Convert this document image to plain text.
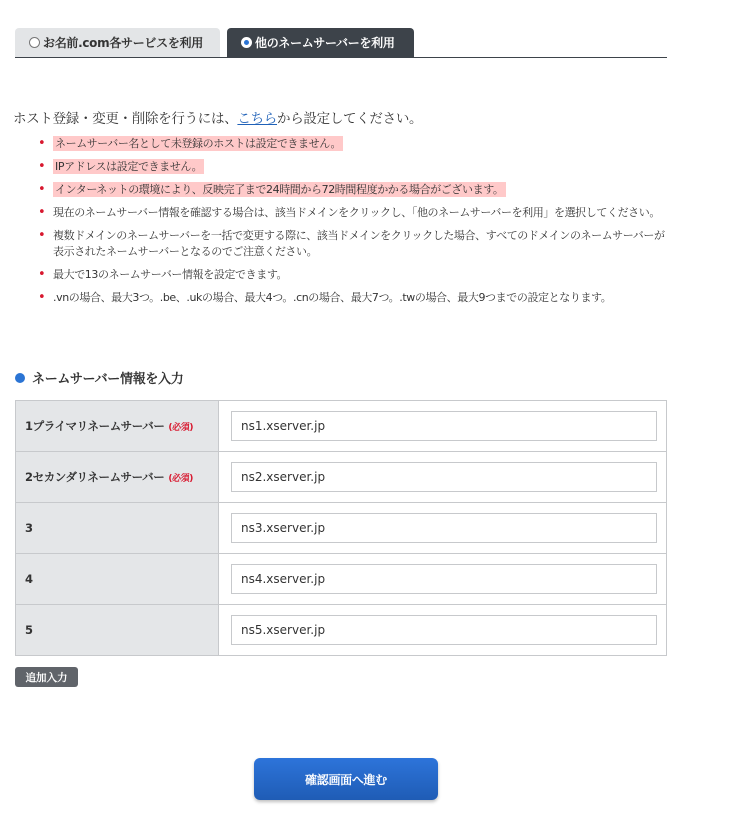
お名前.com各サービスを利用	他のネームサーバーを利用

ホスト登録・変更・削除を行うには、こちらから設定してください。

• ネームサーバー名として未登録のホストは設定できません。
• IPアドレスは設定できません。
• インターネットの環境により、反映完了まで24時間から72時間程度かかる場合がございます。
• 現在のネームサーバー情報を確認する場合は、該当ドメインをクリックし、「他のネームサーバーを利用」を選択してください。
• 複数ドメインのネームサーバーを一括で変更する際に、該当ドメインをクリックした場合、すべてのドメインのネームサーバーが表示されたネームサーバーとなるのでご注意ください。
• 最大で13のネームサーバー情報を設定できます。
• .vnの場合、最大3つ。.be、.ukの場合、最大4つ。.cnの場合、最大7つ。.twの場合、最大9つまでの設定となります。
ネームサーバー情報を入力
1プライマリネームサーバー (必須)	ns1.xserver.jp
2セカンダリネームサーバー (必須)	ns2.xserver.jp
3	ns3.xserver.jp
4	ns4.xserver.jp
5	ns5.xserver.jp
追加入力
確認画面へ進む
